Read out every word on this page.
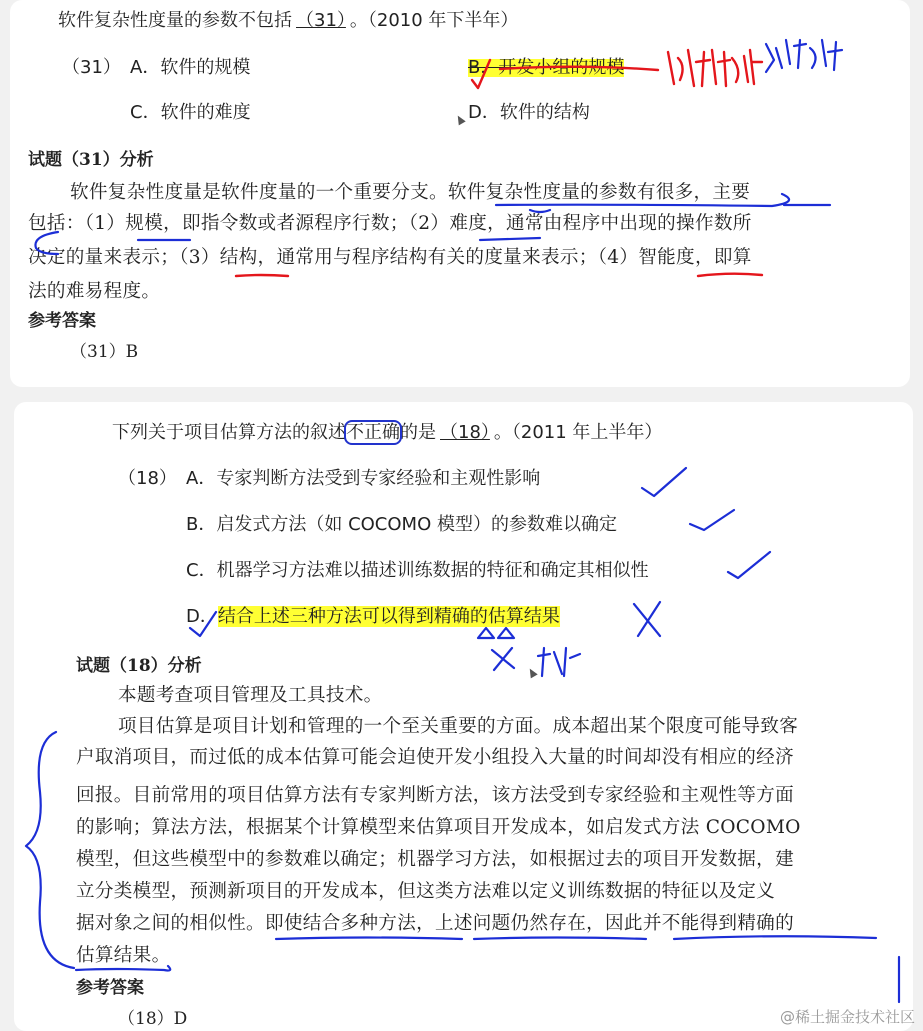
软件复杂性度量的参数不包括 （31） 。（2010 年下半年）
（31） A．软件的规模	B．开发小组的规模
C．软件的难度	D．软件的结构
试题（31）分析
软件复杂性度量是软件度量的一个重要分支。软件复杂性度量的参数有很多，主要
包括：（1）规模，即指令数或者源程序行数；（2）难度，通常由程序中出现的操作数所
决定的量来表示；（3）结构，通常用与程序结构有关的度量来表示；（4）智能度，即算
法的难易程度。
参考答案
（31）B
下列关于项目估算方法的叙述不正确的是 （18） 。（2011 年上半年）
（18） A．专家判断方法受到专家经验和主观性影响
B．启发式方法（如 COCOMO 模型）的参数难以确定
C．机器学习方法难以描述训练数据的特征和确定其相似性
D．结合上述三种方法可以得到精确的估算结果
试题（18）分析
本题考查项目管理及工具技术。
项目估算是项目计划和管理的一个至关重要的方面。成本超出某个限度可能导致客
户取消项目，而过低的成本估算可能会迫使开发小组投入大量的时间却没有相应的经济
回报。目前常用的项目估算方法有专家判断方法，该方法受到专家经验和主观性等方面
的影响；算法方法，根据某个计算模型来估算项目开发成本，如启发式方法 COCOMO
模型，但这些模型中的参数难以确定；机器学习方法，如根据过去的项目开发数据，建
立分类模型，预测新项目的开发成本，但这类方法难以定义训练数据的特征以及定义
据对象之间的相似性。即使结合多种方法，上述问题仍然存在，因此并不能得到精确的
估算结果。
参考答案
（18）D	@稀土掘金技术社区
